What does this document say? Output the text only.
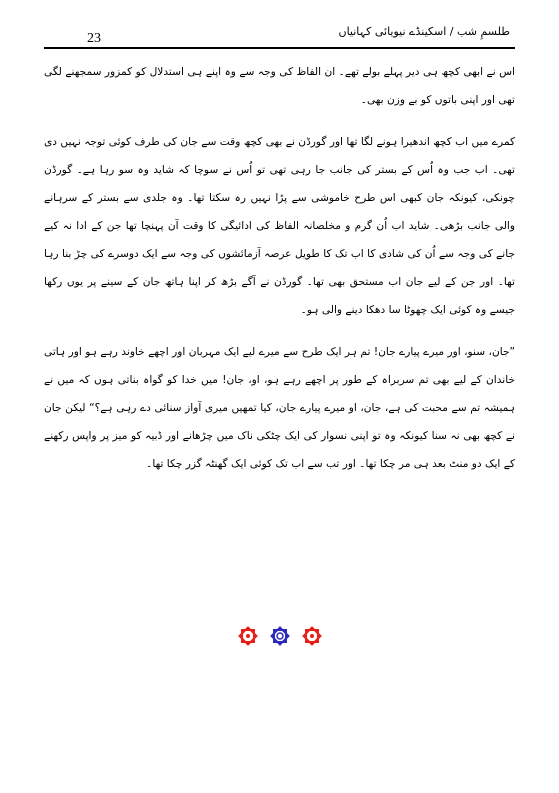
23	طلسمِ شب / اسکینڈے نیویائی کہانیاں

اس نے ابھی کچھ ہی دیر پہلے بولے تھے۔ ان الفاظ کی وجہ سے وہ اپنے ہی استدلال کو کمزور سمجھنے لگی تھی اور اپنی باتوں کو بے وزن بھی۔

کمرے میں اب کچھ اندھیرا ہونے لگا تھا اور گورڈن نے بھی کچھ وقت سے جان کی طرف کوئی توجہ نہیں دی تھی۔ اب جب وہ اُس کے بستر کی جانب جا رہی تھی تو اُس نے سوچا کہ شاید وہ سو رہا ہے۔ گورڈن چونکی، کیونکہ جان کبھی اس طرح خاموشی سے پڑا نہیں رہ سکتا تھا۔ وہ جلدی سے بستر کے سرہانے والی جانب بڑھی۔ شاید اب اُن گرم و مخلصانہ الفاظ کی ادائیگی کا وقت آن پہنچا تھا جن کے ادا نہ کیے جانے کی وجہ سے اُن کی شادی کا اب تک کا طویل عرصہ آزمائشوں کی وجہ سے ایک دوسرے کی چڑ بنا رہا تھا۔ اور جن کے لیے جان اب مستحق بھی تھا۔ گورڈن نے آگے بڑھ کر اپنا ہاتھ جان کے سینے پر یوں رکھا جیسے وہ کوئی ایک چھوٹا سا دھکا دینے والی ہو۔

”جان، سنو، اور میرے پیارے جان! تم ہر ایک طرح سے میرے لیے ایک مہربان اور اچھے خاوند رہے ہو اور ہاتی خاندان کے لیے بھی تم سربراہ کے طور پر اچھے رہے ہو، او، جان! میں خدا کو گواہ بناتی ہوں کہ میں نے ہمیشہ تم سے محبت کی ہے، جان، او میرے پیارے جان، کیا تمھیں میری آواز سنائی دے رہی ہے؟“ لیکن جان نے کچھ بھی نہ سنا کیونکہ وہ تو اپنی نسوار کی ایک چٹکی ناک میں چڑھانے اور ڈبیہ کو میز پر واپس رکھنے کے ایک دو منٹ بعد ہی مر چکا تھا۔ اور تب سے اب تک کوئی ایک گھنٹہ گزر چکا تھا۔
